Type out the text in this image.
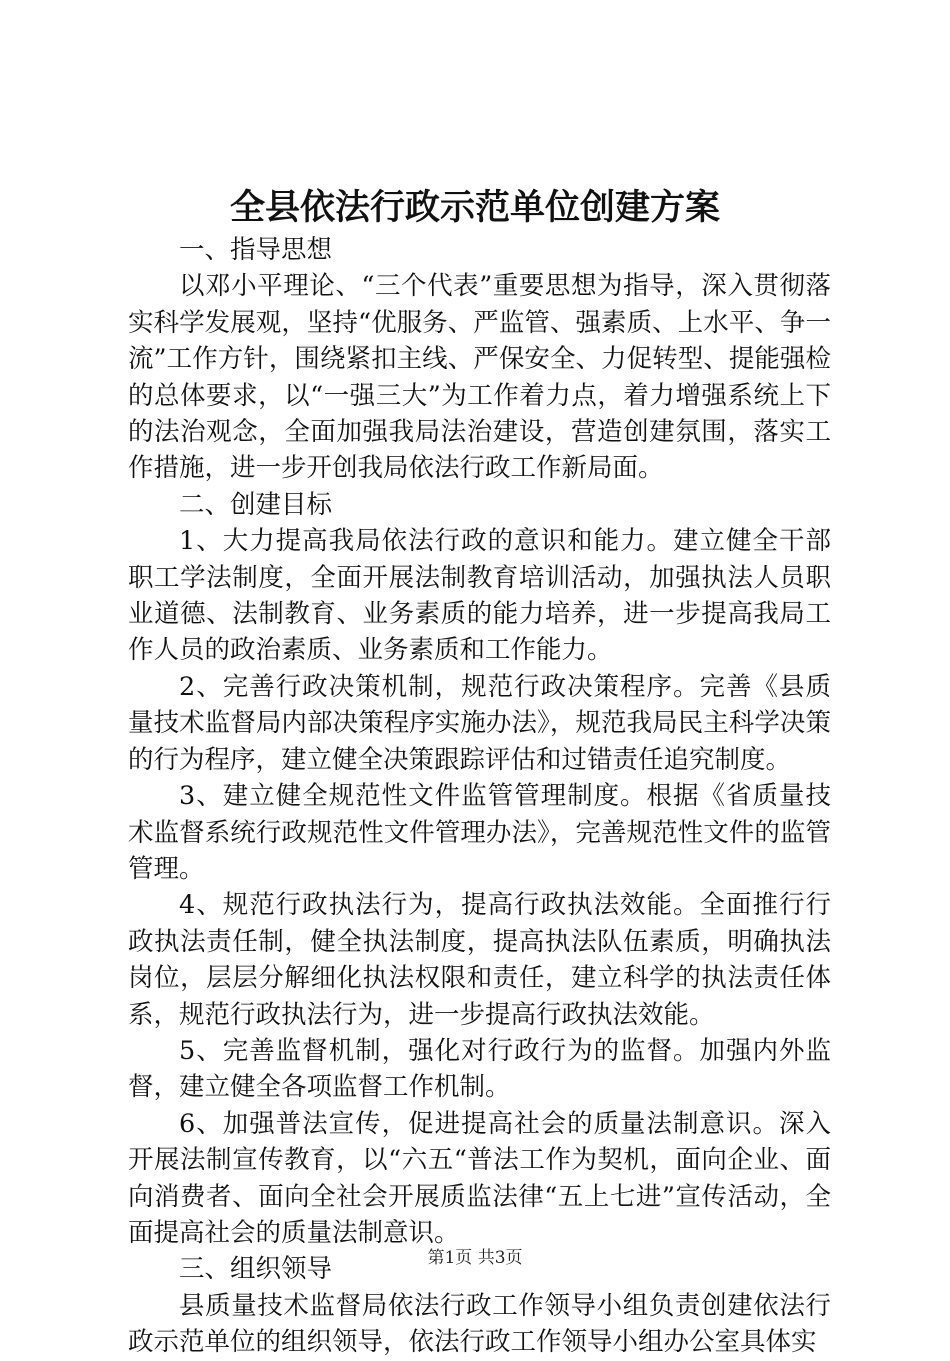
全县依法行政示范单位创建方案

一、指导思想

以邓小平理论、“三个代表”重要思想为指导，深入贯彻落实科学发展观，坚持“优服务、严监管、强素质、上水平、争一流”工作方针，围绕紧扣主线、严保安全、力促转型、提能强检的总体要求，以“一强三大”为工作着力点，着力增强系统上下的法治观念，全面加强我局法治建设，营造创建氛围，落实工作措施，进一步开创我局依法行政工作新局面。

二、创建目标

1、大力提高我局依法行政的意识和能力。建立健全干部职工学法制度，全面开展法制教育培训活动，加强执法人员职业道德、法制教育、业务素质的能力培养，进一步提高我局工作人员的政治素质、业务素质和工作能力。

2、完善行政决策机制，规范行政决策程序。完善《县质量技术监督局内部决策程序实施办法》，规范我局民主科学决策的行为程序，建立健全决策跟踪评估和过错责任追究制度。

3、建立健全规范性文件监管管理制度。根据《省质量技术监督系统行政规范性文件管理办法》，完善规范性文件的监管管理。

4、规范行政执法行为，提高行政执法效能。全面推行行政执法责任制，健全执法制度，提高执法队伍素质，明确执法岗位，层层分解细化执法权限和责任，建立科学的执法责任体系，规范行政执法行为，进一步提高行政执法效能。

5、完善监督机制，强化对行政行为的监督。加强内外监督，建立健全各项监督工作机制。

6、加强普法宣传，促进提高社会的质量法制意识。深入开展法制宣传教育，以“六五“普法工作为契机，面向企业、面向消费者、面向全社会开展质监法律“五上七进”宣传活动，全面提高社会的质量法制意识。

三、组织领导

县质量技术监督局依法行政工作领导小组负责创建依法行政示范单位的组织领导，依法行政工作领导小组办公室具体实

第1页 共3页
